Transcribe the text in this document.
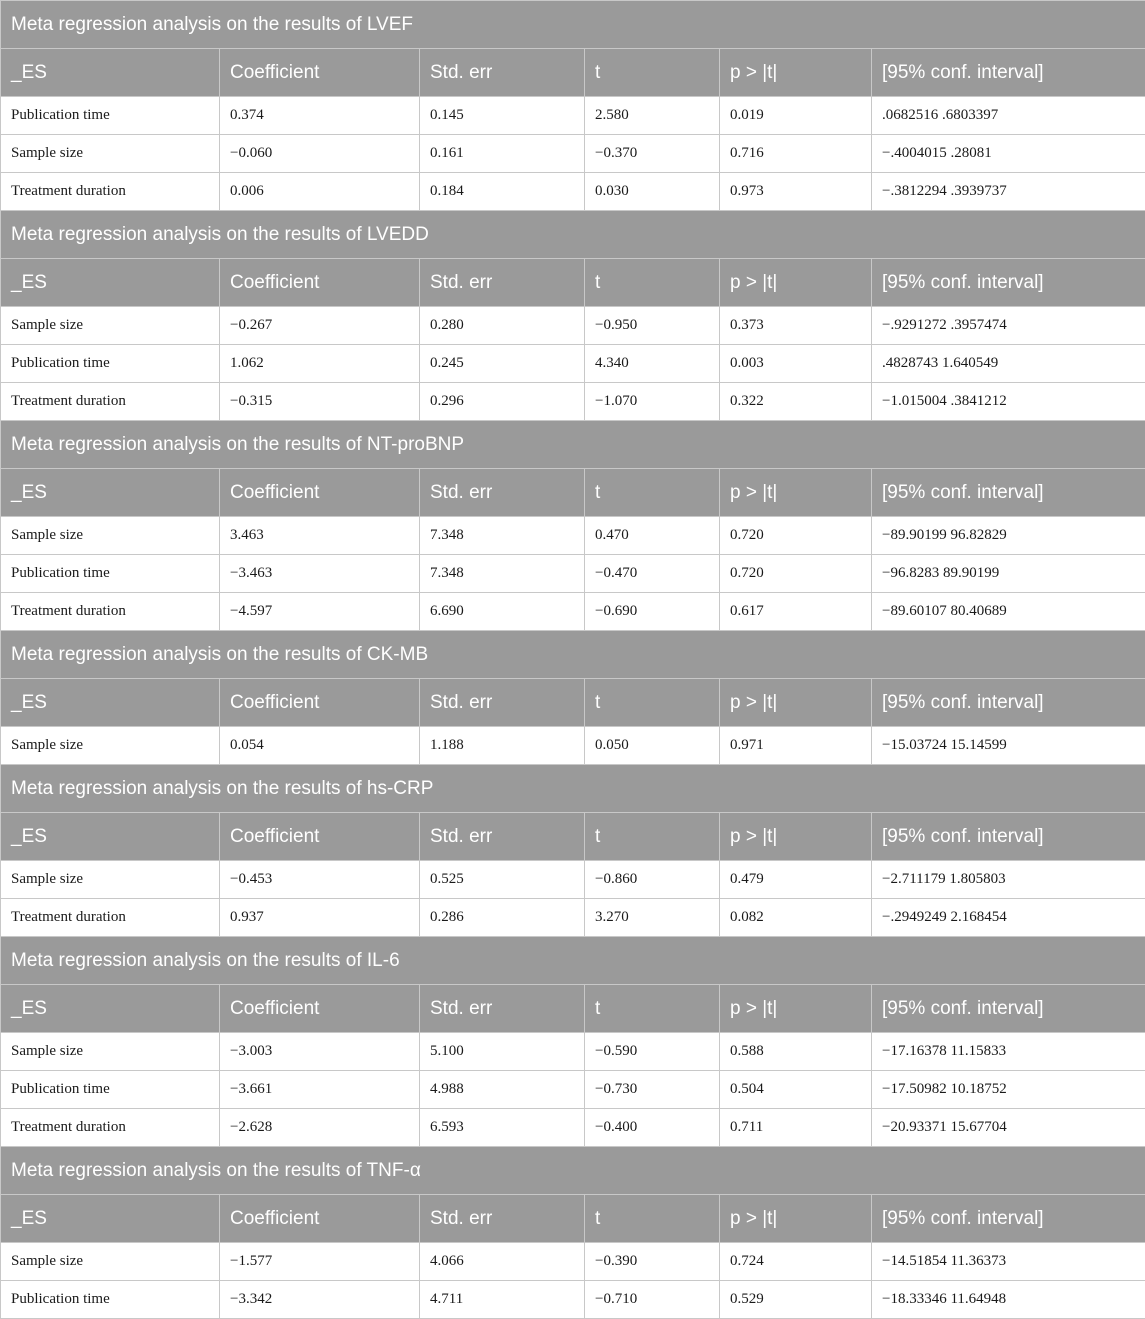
Meta regression analysis on the results of LVEF					
_ES	Coefficient	Std. err	t	p > |t|	[95% conf. interval]
Publication time	0.374	0.145	2.580	0.019	.0682516 .6803397
Sample size	−0.060	0.161	−0.370	0.716	−.4004015 .28081
Treatment duration	0.006	0.184	0.030	0.973	−.3812294 .3939737
Meta regression analysis on the results of LVEDD					
_ES	Coefficient	Std. err	t	p > |t|	[95% conf. interval]
Sample size	−0.267	0.280	−0.950	0.373	−.9291272 .3957474
Publication time	1.062	0.245	4.340	0.003	.4828743 1.640549
Treatment duration	−0.315	0.296	−1.070	0.322	−1.015004 .3841212
Meta regression analysis on the results of NT-proBNP					
_ES	Coefficient	Std. err	t	p > |t|	[95% conf. interval]
Sample size	3.463	7.348	0.470	0.720	−89.90199 96.82829
Publication time	−3.463	7.348	−0.470	0.720	−96.8283 89.90199
Treatment duration	−4.597	6.690	−0.690	0.617	−89.60107 80.40689
Meta regression analysis on the results of CK-MB					
_ES	Coefficient	Std. err	t	p > |t|	[95% conf. interval]
Sample size	0.054	1.188	0.050	0.971	−15.03724 15.14599
Meta regression analysis on the results of hs-CRP					
_ES	Coefficient	Std. err	t	p > |t|	[95% conf. interval]
Sample size	−0.453	0.525	−0.860	0.479	−2.711179 1.805803
Treatment duration	0.937	0.286	3.270	0.082	−.2949249 2.168454
Meta regression analysis on the results of IL-6					
_ES	Coefficient	Std. err	t	p > |t|	[95% conf. interval]
Sample size	−3.003	5.100	−0.590	0.588	−17.16378 11.15833
Publication time	−3.661	4.988	−0.730	0.504	−17.50982 10.18752
Treatment duration	−2.628	6.593	−0.400	0.711	−20.93371 15.67704
Meta regression analysis on the results of TNF-α					
_ES	Coefficient	Std. err	t	p > |t|	[95% conf. interval]
Sample size	−1.577	4.066	−0.390	0.724	−14.51854 11.36373
Publication time	−3.342	4.711	−0.710	0.529	−18.33346 11.64948
